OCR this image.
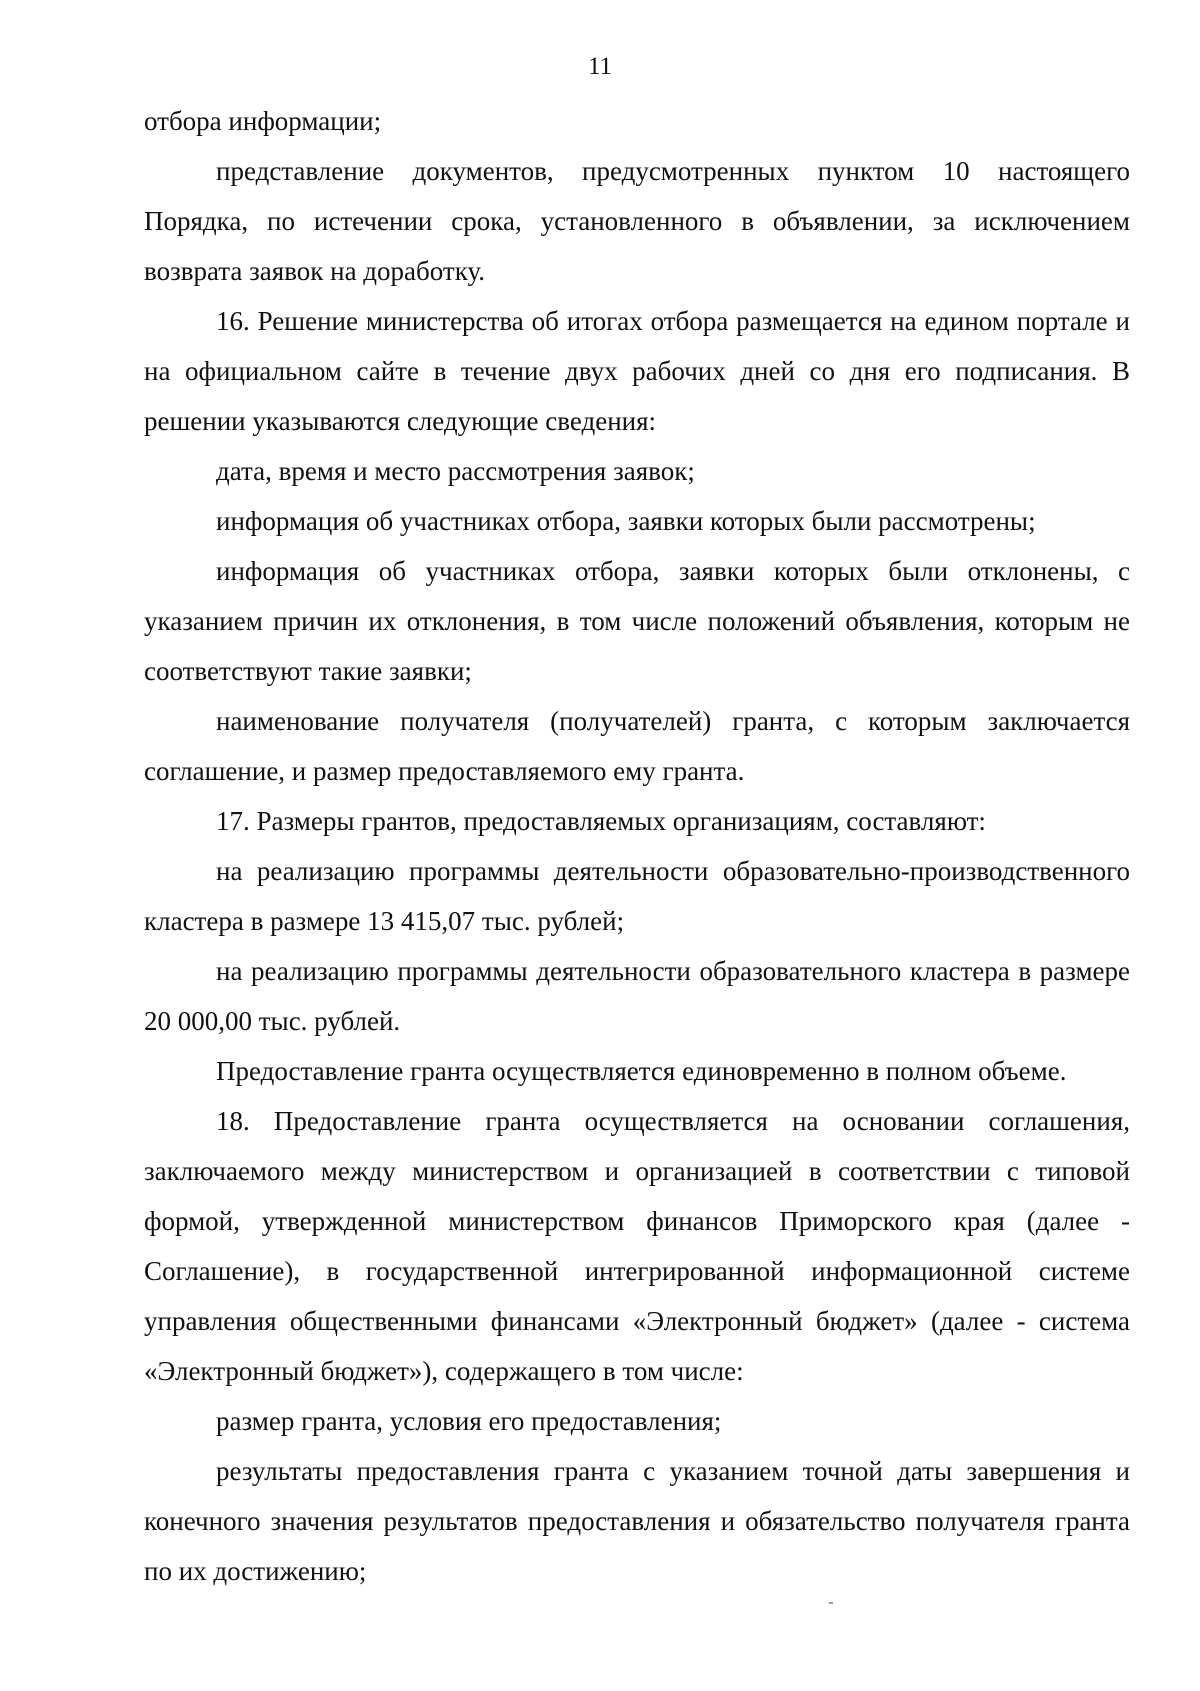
11

отбора информации;

представление документов, предусмотренных пунктом 10 настоящего Порядка, по истечении срока, установленного в объявлении, за исключением возврата заявок на доработку.

16. Решение министерства об итогах отбора размещается на едином портале и на официальном сайте в течение двух рабочих дней со дня его подписания. В решении указываются следующие сведения:

дата, время и место рассмотрения заявок;

информация об участниках отбора, заявки которых были рассмотрены;

информация об участниках отбора, заявки которых были отклонены, с указанием причин их отклонения, в том числе положений объявления, которым не соответствуют такие заявки;

наименование получателя (получателей) гранта, с которым заключается соглашение, и размер предоставляемого ему гранта.

17. Размеры грантов, предоставляемых организациям, составляют:

на реализацию программы деятельности образовательно-производственного кластера в размере 13 415,07 тыс. рублей;

на реализацию программы деятельности образовательного кластера в размере 20 000,00 тыс. рублей.

Предоставление гранта осуществляется единовременно в полном объеме.

18. Предоставление гранта осуществляется на основании соглашения, заключаемого между министерством и организацией в соответствии с типовой формой, утвержденной министерством финансов Приморского края (далее - Соглашение), в государственной интегрированной информационной системе управления общественными финансами «Электронный бюджет» (далее - система «Электронный бюджет»), содержащего в том числе:

размер гранта, условия его предоставления;

результаты предоставления гранта с указанием точной даты завершения и конечного значения результатов предоставления и обязательство получателя гранта по их достижению;
